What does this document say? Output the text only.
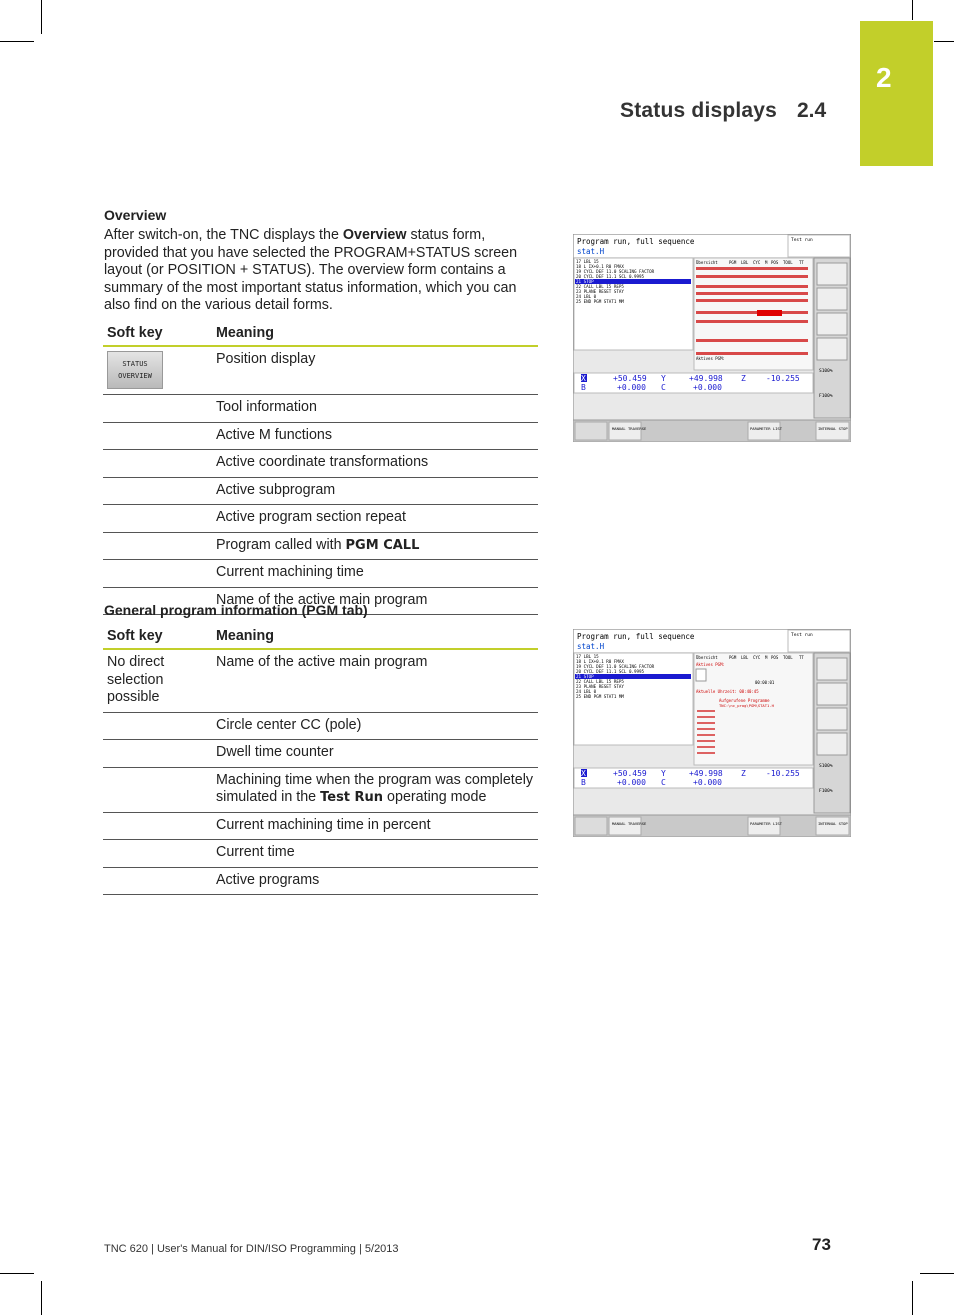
2
Status displays 2.4
Overview
After switch-on, the TNC displays the Overview status form, provided that you have selected the PROGRAM+STATUS screen layout (or POSITION + STATUS). The overview form contains a summary of the most important status information, which you can also find on the various detail forms.
Soft key	Meaning

STATUS
OVERVIEW	Position display
	Tool information
	Active M functions
	Active coordinate transformations
	Active subprogram
	Active program section repeat
	Program called with PGM CALL
	Current machining time
	Name of the active main program
General program information (PGM tab)
Soft key	Meaning
No direct selection possible	Name of the active main program
	Circle center CC (pole)
	Dwell time counter
	Machining time when the program was completely simulated in the Test Run operating mode
	Current machining time in percent
	Current time
	Active programs
Program run, full sequence
stat.H
Test run
17 LBL 15
18 L IX+0.1 R0 FMAX
19 CYCL DEF 11.0 SCALING FACTOR
20 CYCL DEF 11.1 SCL 0.9995
21 STOP
22 CALL LBL 15 REP5
23 PLANE RESET STAY
24 LBL 0
25 END PGM STAT1 MM
Übersicht	PGM LBL CYC M POS TOOL TT
Aktives PGM:
S100%
F100%
X	+50.459 Y	+49.998 Z	-10.255
B	+0.000 C	+0.000
MANUAL TRAVERSE	PARAMETER LIST	INTERNAL STOP
Program run, full sequence
stat.H
Test run
17 LBL 15
18 L IX+0.1 R0 FMAX
19 CYCL DEF 11.0 SCALING FACTOR
20 CYCL DEF 11.1 SCL 0.9995
21 STOP
22 CALL LBL 15 REP5
23 PLANE RESET STAY
24 LBL 0
25 END PGM STAT1 MM
Übersicht	PGM LBL CYC M POS TOOL TT
Aktives PGM:
00:00:01
Aktuelle Uhrzeit: 08:40:45
Aufgerufene Programme
TNC:\nc_prog\PGM\STAT1.H
S100%
F100%
X	+50.459 Y	+49.998 Z	-10.255
B	+0.000 C	+0.000
MANUAL TRAVERSE	PARAMETER LIST	INTERNAL STOP
TNC 620 | User's Manual for DIN/ISO Programming | 5/2013	73
